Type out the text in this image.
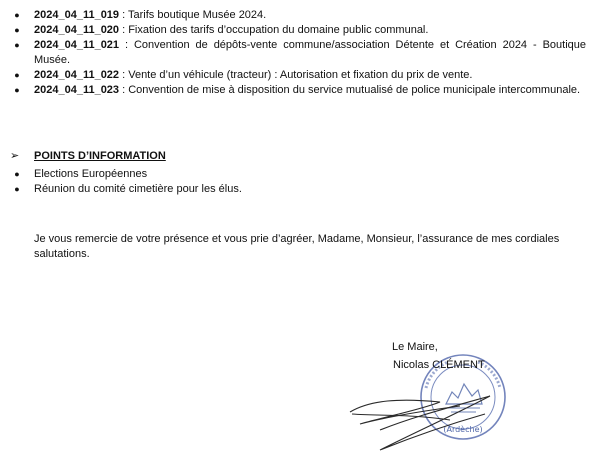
● 2024_04_11_019 : Tarifs boutique Musée 2024.
● 2024_04_11_020 : Fixation des tarifs d’occupation du domaine public communal.
● 2024_04_11_021 : Convention de dépôts-vente commune/association Détente et Création 2024 - Boutique Musée.
● 2024_04_11_022 : Vente d’un véhicule (tracteur) : Autorisation et fixation du prix de vente.
● 2024_04_11_023 : Convention de mise à disposition du service mutualisé de police municipale intercommunale.
➢ POINTS D’INFORMATION
● Elections Européennes
● Réunion du comité cimetière pour les élus.
Je vous remercie de votre présence et vous prie d’agréer, Madame, Monsieur, l’assurance de mes cordiales salutations.
(Ardèche)
Le Maire,
Nicolas CLÉMENT
